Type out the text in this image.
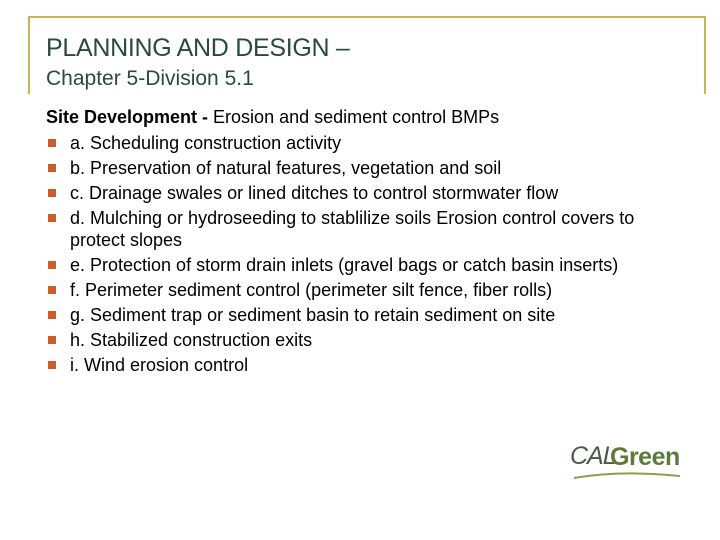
PLANNING AND DESIGN –
Chapter 5-Division 5.1

Site Development - Erosion and sediment control BMPs

a. Scheduling construction activity
b. Preservation of natural features, vegetation and soil
c. Drainage swales or lined ditches to control stormwater flow
d. Mulching or hydroseeding to stablilize soils Erosion control covers to protect slopes
e. Protection of storm drain inlets (gravel bags or catch basin inserts)
f. Perimeter sediment control (perimeter silt fence, fiber rolls)
g. Sediment trap or sediment basin to retain sediment on site
h. Stabilized construction exits
i. Wind erosion control
CAL
Green
